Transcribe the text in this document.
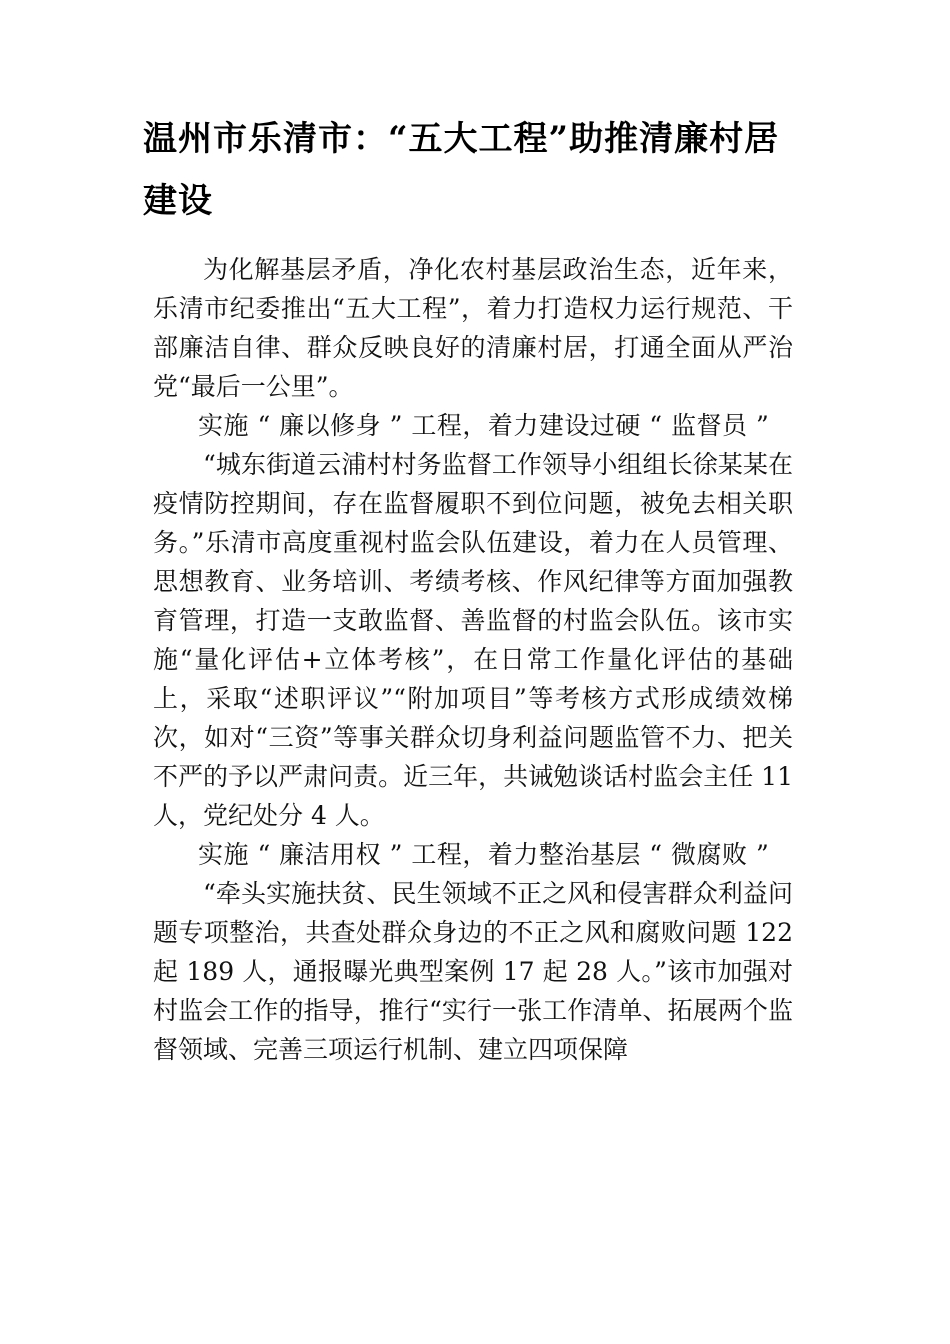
温州市乐清市：“五大工程”助推清廉村居建设

为化解基层矛盾，净化农村基层政治生态，近年来，乐清市纪委推出“五大工程”，着力打造权力运行规范、干部廉洁自律、群众反映良好的清廉村居，打通全面从严治党“最后一公里”。

实施 “ 廉以修身 ” 工程，着力建设过硬 “ 监督员 ”

“城东街道云浦村村务监督工作领导小组组长徐某某在疫情防控期间，存在监督履职不到位问题，被免去相关职务。”乐清市高度重视村监会队伍建设，着力在人员管理、思想教育、业务培训、考绩考核、作风纪律等方面加强教育管理，打造一支敢监督、善监督的村监会队伍。该市实施“量化评估+立体考核”，在日常工作量化评估的基础上，采取“述职评议”“附加项目”等考核方式形成绩效梯次，如对“三资”等事关群众切身利益问题监管不力、把关不严的予以严肃问责。近三年，共诫勉谈话村监会主任 11 人，党纪处分 4 人。

实施 “ 廉洁用权 ” 工程，着力整治基层 “ 微腐败 ”

“牵头实施扶贫、民生领域不正之风和侵害群众利益问题专项整治，共查处群众身边的不正之风和腐败问题 122 起 189 人，通报曝光典型案例 17 起 28 人。”该市加强对村监会工作的指导，推行“实行一张工作清单、拓展两个监督领域、完善三项运行机制、建立四项保障
